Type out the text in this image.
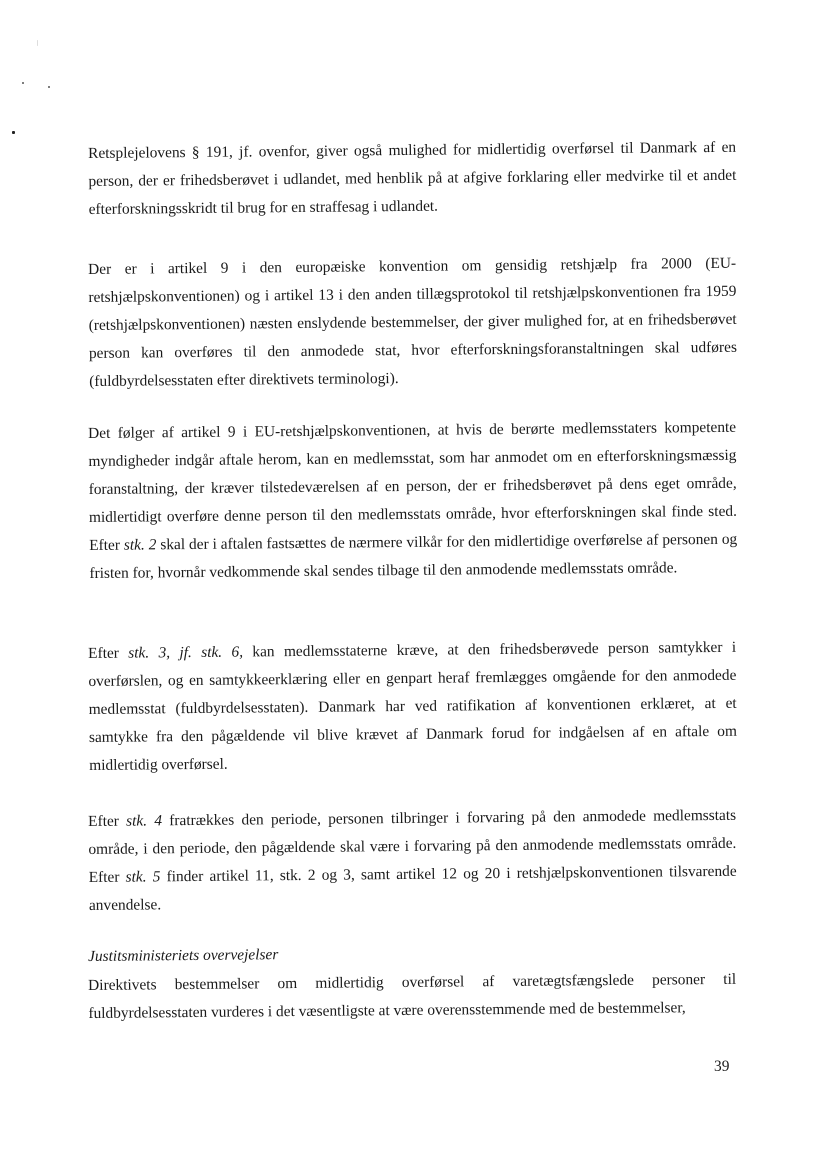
Retsplejelovens § 191, jf. ovenfor, giver også mulighed for midlertidig overførsel til Danmark af en person, der er frihedsberøvet i udlandet, med henblik på at afgive forklaring eller medvirke til et andet efterforskningsskridt til brug for en straffesag i udlandet.

Der er i artikel 9 i den europæiske konvention om gensidig retshjælp fra 2000 (EU-retshjælpskonventionen) og i artikel 13 i den anden tillægsprotokol til retshjælpskonventionen fra 1959 (retshjælpskonventionen) næsten enslydende bestemmelser, der giver mulighed for, at en frihedsberøvet person kan overføres til den anmodede stat, hvor efterforskningsforanstaltningen skal udføres (fuldbyrdelsesstaten efter direktivets terminologi).

Det følger af artikel 9 i EU-retshjælpskonventionen, at hvis de berørte medlemsstaters kompetente myndigheder indgår aftale herom, kan en medlemsstat, som har anmodet om en efterforskningsmæssig foranstaltning, der kræver tilstedeværelsen af en person, der er frihedsberøvet på dens eget område, midlertidigt overføre denne person til den medlemsstats område, hvor efterforskningen skal finde sted. Efter stk. 2 skal der i aftalen fastsættes de nærmere vilkår for den midlertidige overførelse af personen og fristen for, hvornår vedkommende skal sendes tilbage til den anmodende medlemsstats område.

Efter stk. 3, jf. stk. 6, kan medlemsstaterne kræve, at den frihedsberøvede person samtykker i overførslen, og en samtykkeerklæring eller en genpart heraf fremlægges omgående for den anmodede medlemsstat (fuldbyrdelsesstaten). Danmark har ved ratifikation af konventionen erklæret, at et samtykke fra den pågældende vil blive krævet af Danmark forud for indgåelsen af en aftale om midlertidig overførsel.

Efter stk. 4 fratrækkes den periode, personen tilbringer i forvaring på den anmodede medlemsstats område, i den periode, den pågældende skal være i forvaring på den anmodende medlemsstats område. Efter stk. 5 finder artikel 11, stk. 2 og 3, samt artikel 12 og 20 i retshjælpskonventionen tilsvarende anvendelse.

Justitsministeriets overvejelser

Direktivets bestemmelser om midlertidig overførsel af varetægtsfængslede personer til fuldbyrdelsesstaten vurderes i det væsentligste at være overensstemmende med de bestemmelser,

39
